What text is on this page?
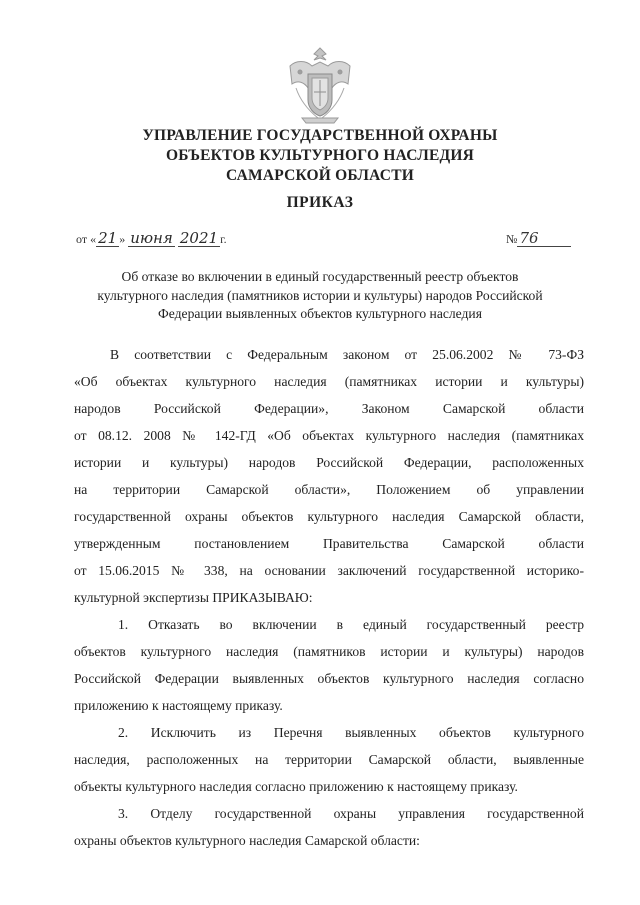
УПРАВЛЕНИЕ ГОСУДАРСТВЕННОЙ ОХРАНЫ
ОБЪЕКТОВ КУЛЬТУРНОГО НАСЛЕДИЯ
САМАРСКОЙ ОБЛАСТИ
ПРИКАЗ
от « 21 » июня 2021 г.	№ 76
Об отказе во включении в единый государственный реестр объектов
культурного наследия (памятников истории и культуры) народов Российской
Федерации выявленных объектов культурного наследия
В соответствии с Федеральным законом от 25.06.2002 № 73-ФЗ
«Об объектах культурного наследия (памятниках истории и культуры)
народов Российской Федерации», Законом Самарской области
от 08.12. 2008 № 142-ГД «Об объектах культурного наследия (памятниках
истории и культуры) народов Российской Федерации, расположенных
на территории Самарской области», Положением об управлении
государственной охраны объектов культурного наследия Самарской области,
утвержденным постановлением Правительства Самарской области
от 15.06.2015 № 338, на основании заключений государственной историко-
культурной экспертизы ПРИКАЗЫВАЮ:
1. Отказать во включении в единый государственный реестр
объектов культурного наследия (памятников истории и культуры) народов
Российской Федерации выявленных объектов культурного наследия согласно
приложению к настоящему приказу.
2. Исключить из Перечня выявленных объектов культурного
наследия, расположенных на территории Самарской области, выявленные
объекты культурного наследия согласно приложению к настоящему приказу.
3. Отделу государственной охраны управления государственной
охраны объектов культурного наследия Самарской области:
